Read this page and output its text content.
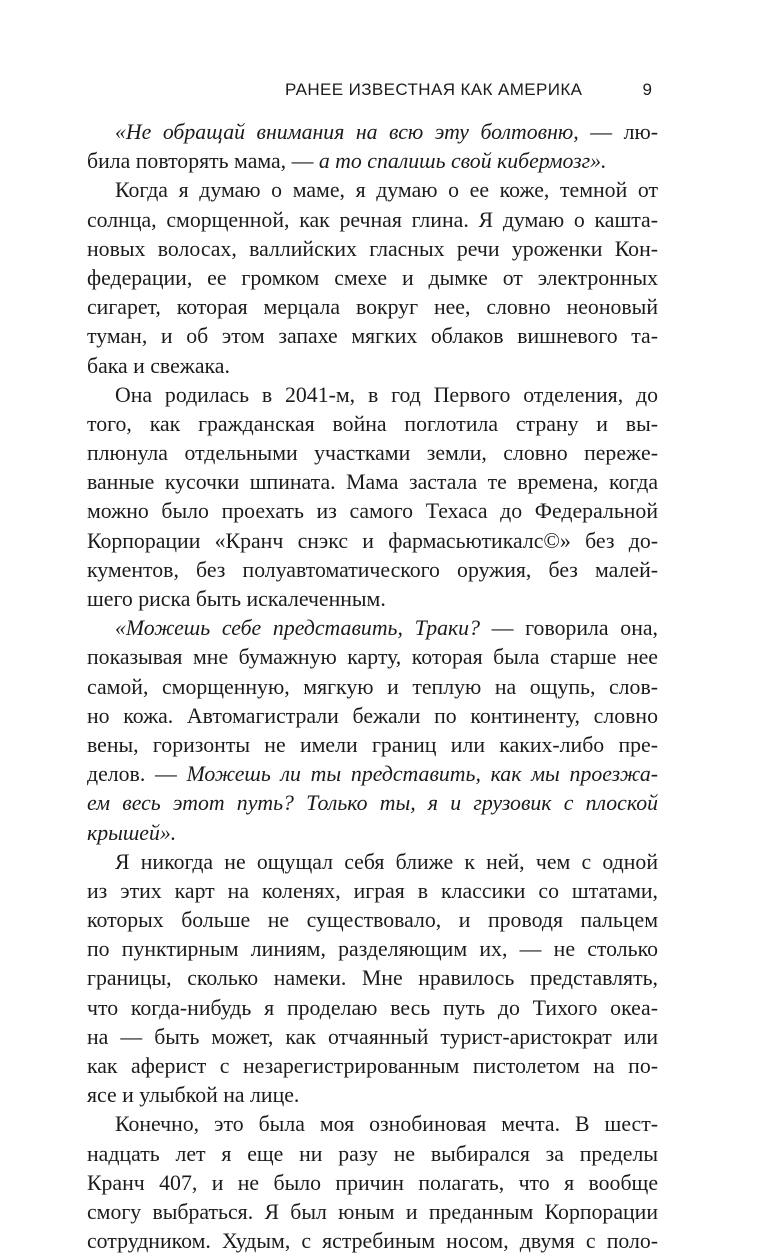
РАНЕЕ ИЗВЕСТНАЯ КАК АМЕРИКА	9
«Не обращай внимания на всю эту болтовню, — лю-
била повторять мама, — а то спалишь свой кибермозг».
Когда я думаю о маме, я думаю о ее коже, темной от
солнца, сморщенной, как речная глина. Я думаю о кашта-
новых волосах, валлийских гласных речи уроженки Кон-
федерации, ее громком смехе и дымке от электронных
сигарет, которая мерцала вокруг нее, словно неоновый
туман, и об этом запахе мягких облаков вишневого та-
бака и свежака.
Она родилась в 2041-м, в год Первого отделения, до
того, как гражданская война поглотила страну и вы-
плюнула отдельными участками земли, словно пережe-
ванные кусочки шпината. Мама застала те времена, когда
можно было проехать из самого Техаса до Федеральной
Корпорации «Кранч снэкс и фармасьютикалс©» без до-
кументов, без полуавтоматического оружия, без малей-
шего риска быть искалеченным.
«Можешь себе представить, Траки? — говорила она,
показывая мне бумажную карту, которая была старше нее
самой, сморщенную, мягкую и теплую на ощупь, слов-
но кожа. Автомагистрали бежали по континенту, словно
вены, горизонты не имели границ или каких-либо пре-
делов. — Можешь ли ты представить, как мы проезжа-
ем весь этот путь? Только ты, я и грузовик с плоской
крышей».
Я никогда не ощущал себя ближе к ней, чем с одной
из этих карт на коленях, играя в классики со штатами,
которых больше не существовало, и проводя пальцем
по пунктирным линиям, разделяющим их, — не столько
границы, сколько намеки. Мне нравилось представлять,
что когда-нибудь я проделаю весь путь до Тихого океа-
на — быть может, как отчаянный турист-аристократ или
как аферист с незарегистрированным пистолетом на по-
ясе и улыбкой на лице.
Конечно, это была моя ознобиновая мечта. В шест-
надцать лет я еще ни разу не выбирался за пределы
Кранч 407, и не было причин полагать, что я вообще
смогу выбраться. Я был юным и преданным Корпорации
сотрудником. Худым, с ястребиным носом, двумя с поло-
